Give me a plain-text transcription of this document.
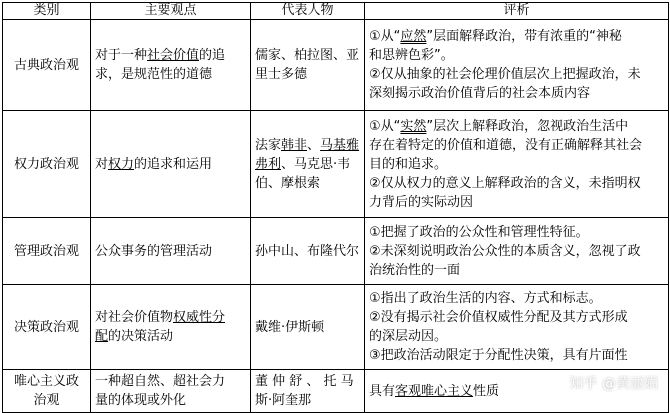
类别	主要观点	代表人物	评析
古典政治观	对于一种社会价值的追
求，是规范性的道德	儒家、柏拉图、亚
里士多德	①从“应然”层面解释政治，带有浓重的“神秘
和思辨色彩”。
②仅从抽象的社会伦理价值层次上把握政治，未
深刻揭示政治价值背后的社会本质内容

权力政治观	对权力的追求和运用	法家韩非、马基雅
弗利、马克思·韦
伯、摩根索	①从“实然”层次上解释政治，忽视政治生活中
存在着特定的价值和道德，没有正确解释其社会
目的和追求。
②仅从权力的意义上解释政治的含义，未指明权
力背后的实际动因

管理政治观	公众事务的管理活动	孙中山、布隆代尔	①把握了政治的公众性和管理性特征。
②未深刻说明政治公众性的本质含义，忽视了政
治统治性的一面

决策政治观	对社会价值物权威性分
配的决策活动	戴维·伊斯顿	①指出了政治生活的内容、方式和标志。
②没有揭示社会价值权威性分配及其方式形成
的深层动因。
③把政治活动限定于分配性决策，具有片面性

唯心主义政
治观	一种超自然、超社会力
量的体现或外化	董 仲 舒 、 托 马
斯·阿奎那	具有客观唯心主义性质	知乎 @黄丽娟
